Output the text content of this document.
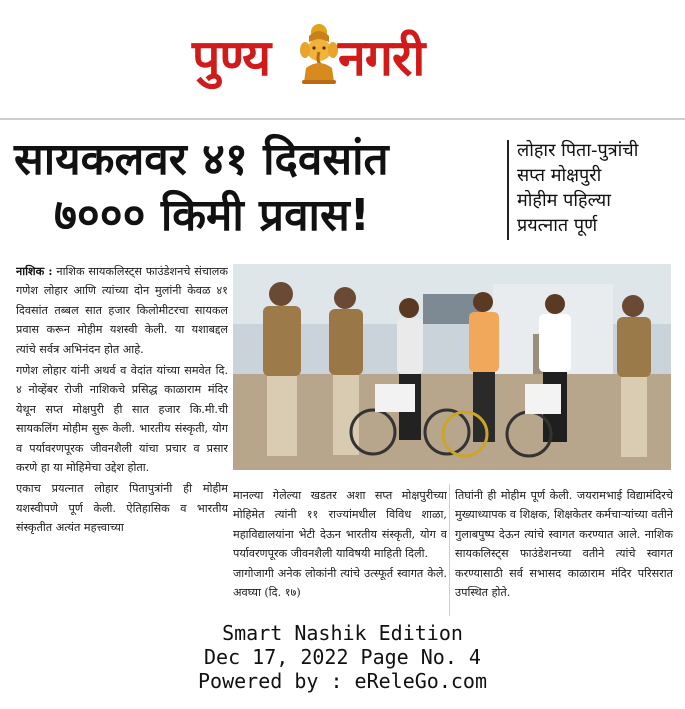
पुण्य नगरी
सायकलवर ४१ दिवसांत
७००० किमी प्रवास!
लोहार पिता-पुत्रांची
सप्त मोक्षपुरी
मोहीम पहिल्या
प्रयत्नात पूर्ण

नाशिक : नाशिक सायकलिस्ट्स फाउंडेशनचे संचालक गणेश लोहार आणि त्यांच्या दोन मुलांनी केवळ ४१ दिवसांत तब्बल सात हजार किलोमीटरचा सायकल प्रवास करून मोहीम यशस्वी केली. या यशाबद्दल त्यांचे सर्वत्र अभिनंदन होत आहे.

गणेश लोहार यांनी अथर्व व वेदांत यांच्या समवेत दि. ४ नोव्हेंबर रोजी नाशिकचे प्रसिद्ध काळाराम मंदिर येथून सप्त मोक्षपुरी ही सात हजार कि.मी.ची सायकलिंग मोहीम सुरू केली. भारतीय संस्कृती, योग व पर्यावरणपूरक जीवनशैली यांचा प्रचार व प्रसार करणे हा या मोहिमेचा उद्देश होता.

एकाच प्रयत्नात लोहार पितापुत्रांनी ही मोहीम यशस्वीपणे पूर्ण केली. ऐतिहासिक व भारतीय संस्कृतीत अत्यंत महत्त्वाच्या

मानल्या गेलेल्या खडतर अशा सप्त मोक्षपुरीच्या मोहिमेत त्यांनी ११ राज्यांमधील विविध शाळा, महाविद्यालयांना भेटी देऊन भारतीय संस्कृती, योग व पर्यावरणपूरक जीवनशैली याविषयी माहिती दिली.

जागोजागी अनेक लोकांनी त्यांचे उत्स्फूर्त स्वागत केले. अवघ्या (दि. १७)

तिघांनी ही मोहीम पूर्ण केली. जयरामभाई विद्यामंदिरचे मुख्याध्यापक व शिक्षक, शिक्षकेतर कर्मचाऱ्यांच्या वतीने गुलाबपुष्प देऊन त्यांचे स्वागत करण्यात आले. नाशिक सायकलिस्ट्स फाउंडेशनच्या वतीने त्यांचे स्वागत करण्यासाठी सर्व सभासद काळाराम मंदिर परिसरात उपस्थित होते.

Smart Nashik Edition
Dec 17, 2022 Page No. 4
Powered by : eReleGo.com
